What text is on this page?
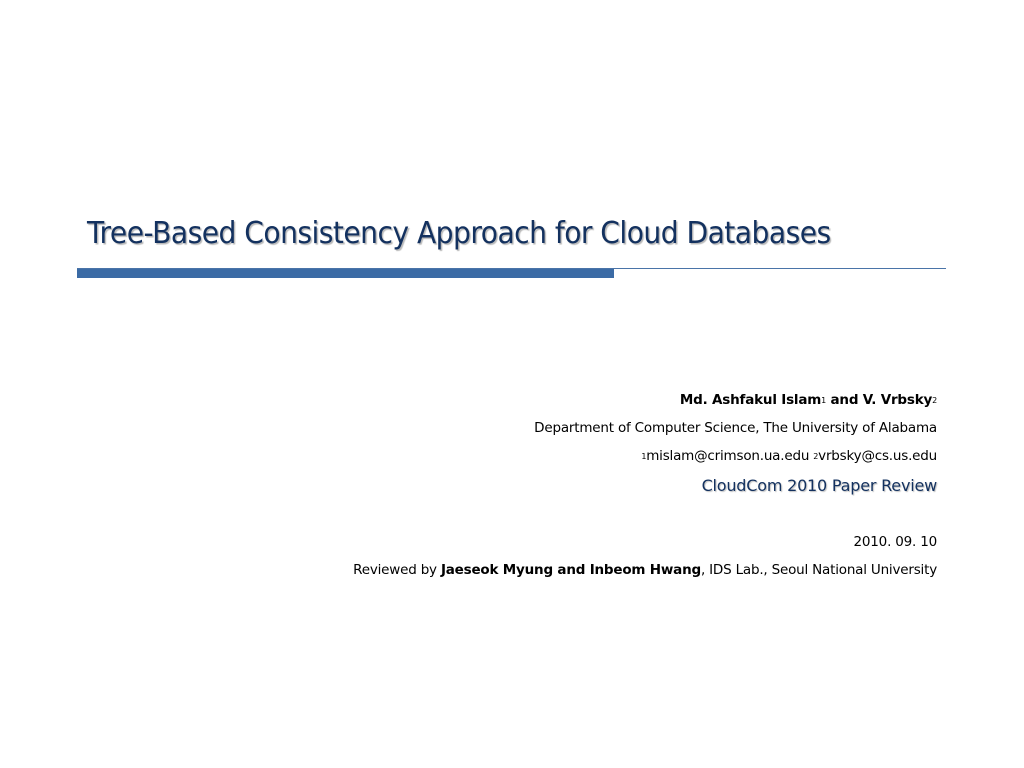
Tree-Based Consistency Approach for Cloud Databases
Md. Ashfakul Islam$^1$ and V. Vrbsky$^2$
Department of Computer Science, The University of Alabama
$^1$mislam@crimson.ua.edu $^2$vrbsky@cs.us.edu
CloudCom 2010 Paper Review
2010. 09. 10
Reviewed by Jaeseok Myung and Inbeom Hwang, IDS Lab., Seoul National University
